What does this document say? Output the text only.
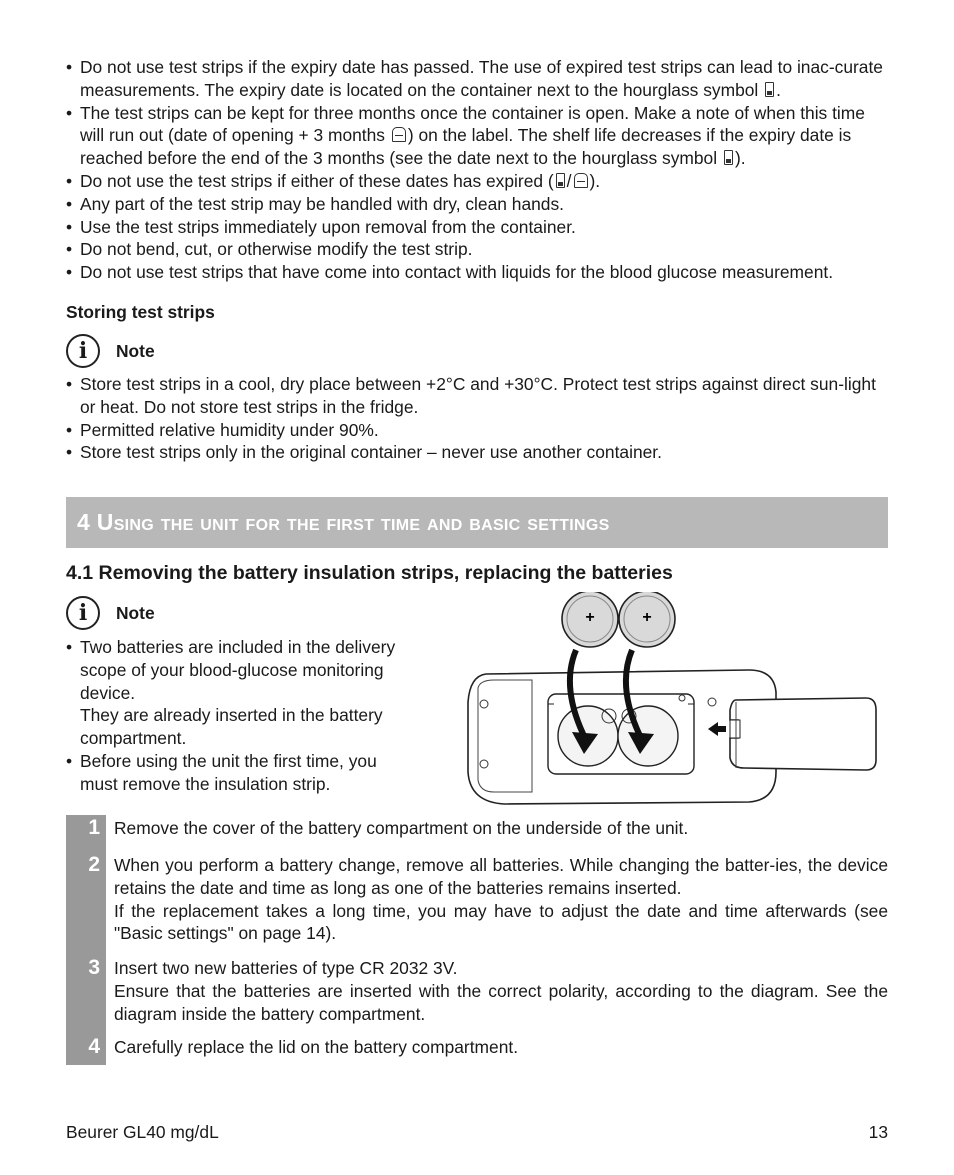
• Do not use test strips if the expiry date has passed. The use of expired test strips can lead to inac-curate measurements. The expiry date is located on the container next to the hourglass symbol .
• The test strips can be kept for three months once the container is open. Make a note of when this time will run out (date of opening + 3 months ) on the label. The shelf life decreases if the expiry date is reached before the end of the 3 months (see the date next to the hourglass symbol ).
• Do not use the test strips if either of these dates has expired ( / ).
• Any part of the test strip may be handled with dry, clean hands.
• Use the test strips immediately upon removal from the container.
• Do not bend, cut, or otherwise modify the test strip.
• Do not use test strips that have come into contact with liquids for the blood glucose measurement.
Storing test strips
i	Note
• Store test strips in a cool, dry place between +2°C and +30°C. Protect test strips against direct sun-light or heat. Do not store test strips in the fridge.
• Permitted relative humidity under 90%.
• Store test strips only in the original container – never use another container.
4 Using the unit for the first time and basic settings
4.1 Removing the battery insulation strips, replacing the batteries
i	Note
• Two batteries are included in the delivery scope of your blood-glucose monitoring device.
They are already inserted in the battery compartment.
• Before using the unit the first time, you must remove the insulation strip.
+	+
1 Remove the cover of the battery compartment on the underside of the unit.
2 When you perform a battery change, remove all batteries. While changing the batter-ies, the device retains the date and time as long as one of the batteries remains inserted.
If the replacement takes a long time, you may have to adjust the date and time afterwards (see "Basic settings" on page 14).
3 Insert two new batteries of type CR 2032 3V.
Ensure that the batteries are inserted with the correct polarity, according to the diagram. See the diagram inside the battery compartment.
4 Carefully replace the lid on the battery compartment.
Beurer GL40 mg/dL	13
